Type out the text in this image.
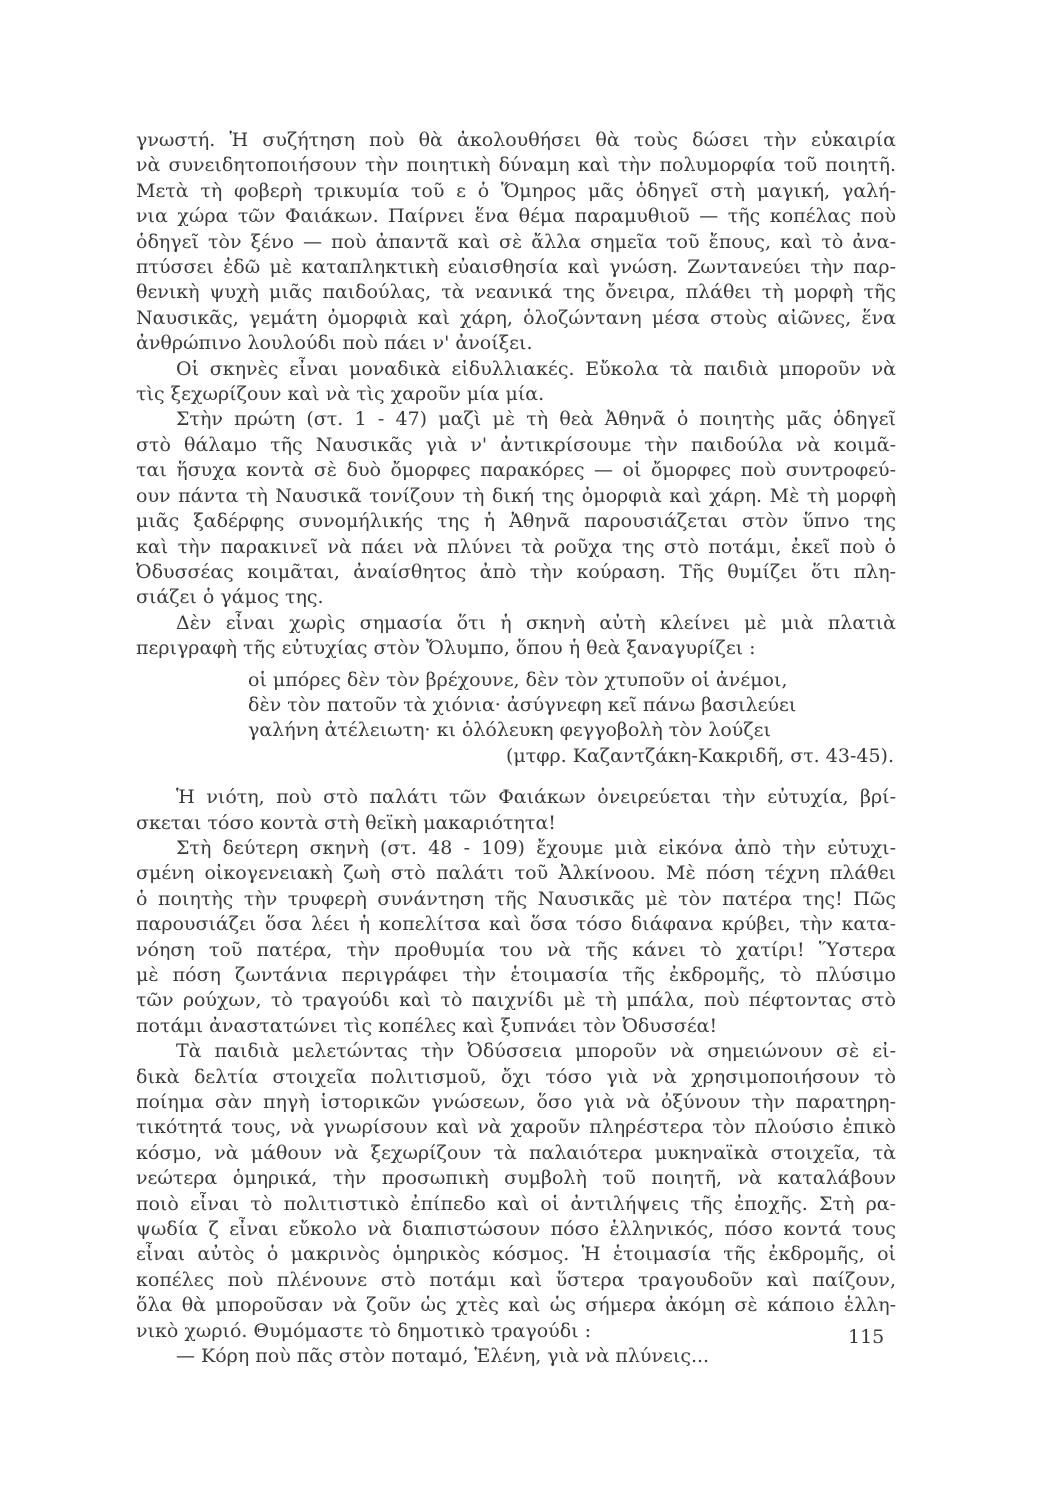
γνωστή. Ἡ συζήτηση ποὺ θὰ ἀκολουθήσει θὰ τοὺς δώσει τὴν εὐκαιρία
νὰ συνειδητοποιήσουν τὴν ποιητικὴ δύναμη καὶ τὴν πολυμορφία τοῦ ποιητῆ.
Μετὰ τὴ φοβερὴ τρικυμία τοῦ ε ὁ Ὅμηρος μᾶς ὁδηγεῖ στὴ μαγική, γαλή-
νια χώρα τῶν Φαιάκων. Παίρνει ἕνα θέμα παραμυθιοῦ — τῆς κοπέλας ποὺ
ὁδηγεῖ τὸν ξένο — ποὺ ἀπαντᾶ καὶ σὲ ἄλλα σημεῖα τοῦ ἔπους, καὶ τὸ ἀνα-
πτύσσει ἐδῶ μὲ καταπληκτικὴ εὐαισθησία καὶ γνώση. Ζωντανεύει τὴν παρ-
θενικὴ ψυχὴ μιᾶς παιδούλας, τὰ νεανικά της ὄνειρα, πλάθει τὴ μορφὴ τῆς
Ναυσικᾶς, γεμάτη ὀμορφιὰ καὶ χάρη, ὁλοζώντανη μέσα στοὺς αἰῶνες, ἕνα
ἀνθρώπινο λουλούδι ποὺ πάει ν' ἀνοίξει.
Οἱ σκηνὲς εἶναι μοναδικὰ εἰδυλλιακές. Εὔκολα τὰ παιδιὰ μποροῦν νὰ
τὶς ξεχωρίζουν καὶ νὰ τὶς χαροῦν μία μία.
Στὴν πρώτη (στ. 1 - 47) μαζὶ μὲ τὴ θεὰ Ἀθηνᾶ ὁ ποιητὴς μᾶς ὁδηγεῖ
στὸ θάλαμο τῆς Ναυσικᾶς γιὰ ν' ἀντικρίσουμε τὴν παιδούλα νὰ κοιμᾶ-
ται ἥσυχα κοντὰ σὲ δυὸ ὄμορφες παρακόρες — οἱ ὄμορφες ποὺ συντροφεύ-
ουν πάντα τὴ Ναυσικᾶ τονίζουν τὴ δική της ὀμορφιὰ καὶ χάρη. Μὲ τὴ μορφὴ
μιᾶς ξαδέρφης συνομήλικής της ἡ Ἀθηνᾶ παρουσιάζεται στὸν ὕπνο της
καὶ τὴν παρακινεῖ νὰ πάει νὰ πλύνει τὰ ροῦχα της στὸ ποτάμι, ἐκεῖ ποὺ ὁ
Ὀδυσσέας κοιμᾶται, ἀναίσθητος ἀπὸ τὴν κούραση. Τῆς θυμίζει ὅτι πλη-
σιάζει ὁ γάμος της.
Δὲν εἶναι χωρὶς σημασία ὅτι ἡ σκηνὴ αὐτὴ κλείνει μὲ μιὰ πλατιὰ
περιγραφὴ τῆς εὐτυχίας στὸν Ὄλυμπο, ὅπου ἡ θεὰ ξαναγυρίζει :
οἱ μπόρες δὲν τὸν βρέχουνε, δὲν τὸν χτυποῦν οἱ ἀνέμοι,
δὲν τὸν πατοῦν τὰ χιόνια· ἀσύγνεφη κεῖ πάνω βασιλεύει
γαλήνη ἀτέλειωτη· κι ὁλόλευκη φεγγοβολὴ τὸν λούζει
(μτφρ. Καζαντζάκη-Κακριδῆ, στ. 43-45).
Ἡ νιότη, ποὺ στὸ παλάτι τῶν Φαιάκων ὀνειρεύεται τὴν εὐτυχία, βρί-
σκεται τόσο κοντὰ στὴ θεϊκὴ μακαριότητα!
Στὴ δεύτερη σκηνὴ (στ. 48 - 109) ἔχουμε μιὰ εἰκόνα ἀπὸ τὴν εὐτυχι-
σμένη οἰκογενειακὴ ζωὴ στὸ παλάτι τοῦ Ἀλκίνοου. Μὲ πόση τέχνη πλάθει
ὁ ποιητὴς τὴν τρυφερὴ συνάντηση τῆς Ναυσικᾶς μὲ τὸν πατέρα της! Πῶς
παρουσιάζει ὅσα λέει ἡ κοπελίτσα καὶ ὅσα τόσο διάφανα κρύβει, τὴν κατα-
νόηση τοῦ πατέρα, τὴν προθυμία του νὰ τῆς κάνει τὸ χατίρι! Ὕστερα
μὲ πόση ζωντάνια περιγράφει τὴν ἑτοιμασία τῆς ἐκδρομῆς, τὸ πλύσιμο
τῶν ρούχων, τὸ τραγούδι καὶ τὸ παιχνίδι μὲ τὴ μπάλα, ποὺ πέφτοντας στὸ
ποτάμι ἀναστατώνει τὶς κοπέλες καὶ ξυπνάει τὸν Ὀδυσσέα!
Τὰ παιδιὰ μελετώντας τὴν Ὀδύσσεια μποροῦν νὰ σημειώνουν σὲ εἰ-
δικὰ δελτία στοιχεῖα πολιτισμοῦ, ὄχι τόσο γιὰ νὰ χρησιμοποιήσουν τὸ
ποίημα σὰν πηγὴ ἱστορικῶν γνώσεων, ὅσο γιὰ νὰ ὀξύνουν τὴν παρατηρη-
τικότητά τους, νὰ γνωρίσουν καὶ νὰ χαροῦν πληρέστερα τὸν πλούσιο ἐπικὸ
κόσμο, νὰ μάθουν νὰ ξεχωρίζουν τὰ παλαιότερα μυκηναϊκὰ στοιχεῖα, τὰ
νεώτερα ὁμηρικά, τὴν προσωπικὴ συμβολὴ τοῦ ποιητῆ, νὰ καταλάβουν
ποιὸ εἶναι τὸ πολιτιστικὸ ἐπίπεδο καὶ οἱ ἀντιλήψεις τῆς ἐποχῆς. Στὴ ρα-
ψωδία ζ εἶναι εὔκολο νὰ διαπιστώσουν πόσο ἑλληνικός, πόσο κοντά τους
εἶναι αὐτὸς ὁ μακρινὸς ὁμηρικὸς κόσμος. Ἡ ἑτοιμασία τῆς ἐκδρομῆς, οἱ
κοπέλες ποὺ πλένουνε στὸ ποτάμι καὶ ὕστερα τραγουδοῦν καὶ παίζουν,
ὅλα θὰ μποροῦσαν νὰ ζοῦν ὡς χτὲς καὶ ὡς σήμερα ἀκόμη σὲ κάποιο ἑλλη-
νικὸ χωριό. Θυμόμαστε τὸ δημοτικὸ τραγούδι :
— Κόρη ποὺ πᾶς στὸν ποταμό, Ἑλένη, γιὰ νὰ πλύνεις...
115
